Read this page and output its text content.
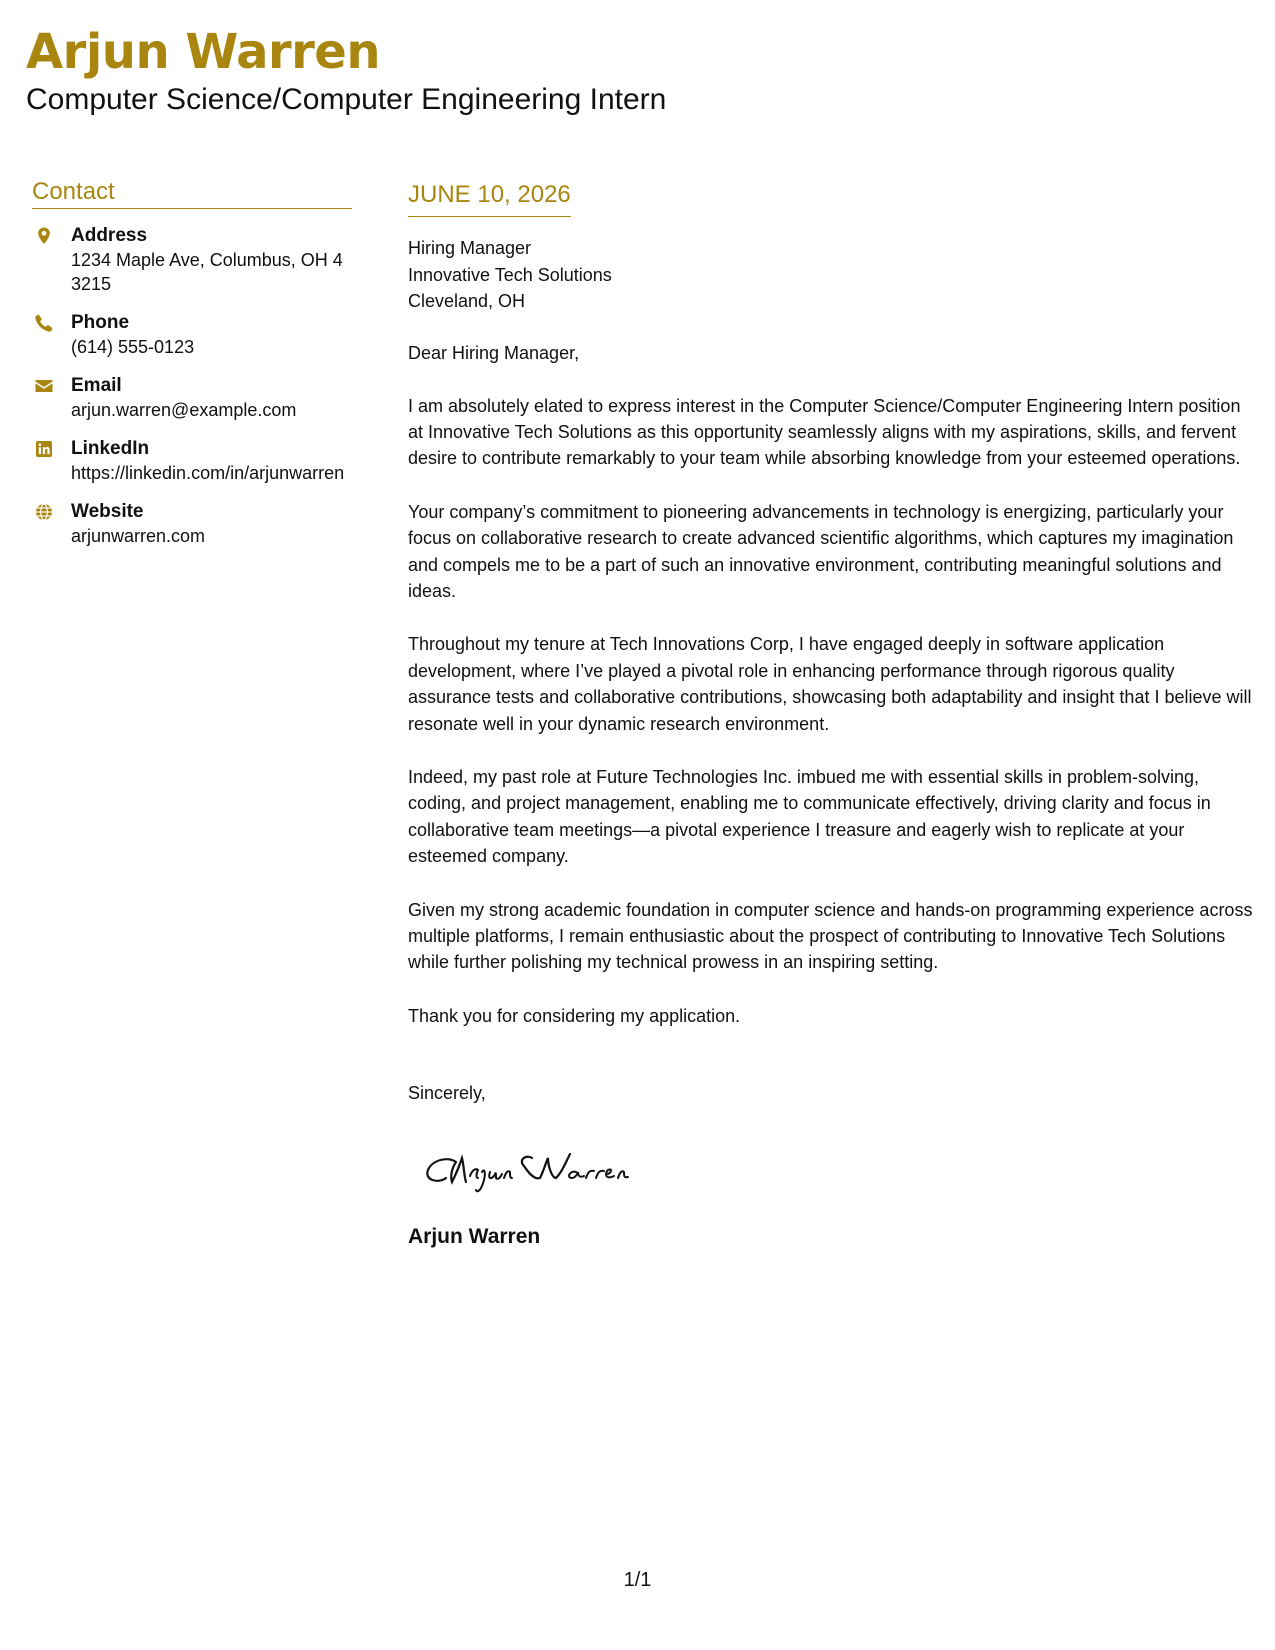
Arjun Warren
Computer Science/Computer Engineering Intern
Contact
Address
1234 Maple Ave, Columbus, OH 43215
Phone
(614) 555-0123
Email
arjun.warren@example.com
LinkedIn
https://linkedin.com/in/arjunwarren
Website
arjunwarren.com
JUNE 10, 2026
Hiring Manager
Innovative Tech Solutions
Cleveland, OH
Dear Hiring Manager,
I am absolutely elated to express interest in the Computer Science/Computer Engineering Intern position at Innovative Tech Solutions as this opportunity seamlessly aligns with my aspirations, skills, and fervent desire to contribute remarkably to your team while absorbing knowledge from your esteemed operations.
Your company’s commitment to pioneering advancements in technology is energizing, particularly your focus on collaborative research to create advanced scientific algorithms, which captures my imagination and compels me to be a part of such an innovative environment, contributing meaningful solutions and ideas.
Throughout my tenure at Tech Innovations Corp, I have engaged deeply in software application development, where I’ve played a pivotal role in enhancing performance through rigorous quality assurance tests and collaborative contributions, showcasing both adaptability and insight that I believe will resonate well in your dynamic research environment.
Indeed, my past role at Future Technologies Inc. imbued me with essential skills in problem-solving, coding, and project management, enabling me to communicate effectively, driving clarity and focus in collaborative team meetings—a pivotal experience I treasure and eagerly wish to replicate at your esteemed company.
Given my strong academic foundation in computer science and hands-on programming experience across multiple platforms, I remain enthusiastic about the prospect of contributing to Innovative Tech Solutions while further polishing my technical prowess in an inspiring setting.
Thank you for considering my application.
Sincerely,
Arjun Warren
1/1
